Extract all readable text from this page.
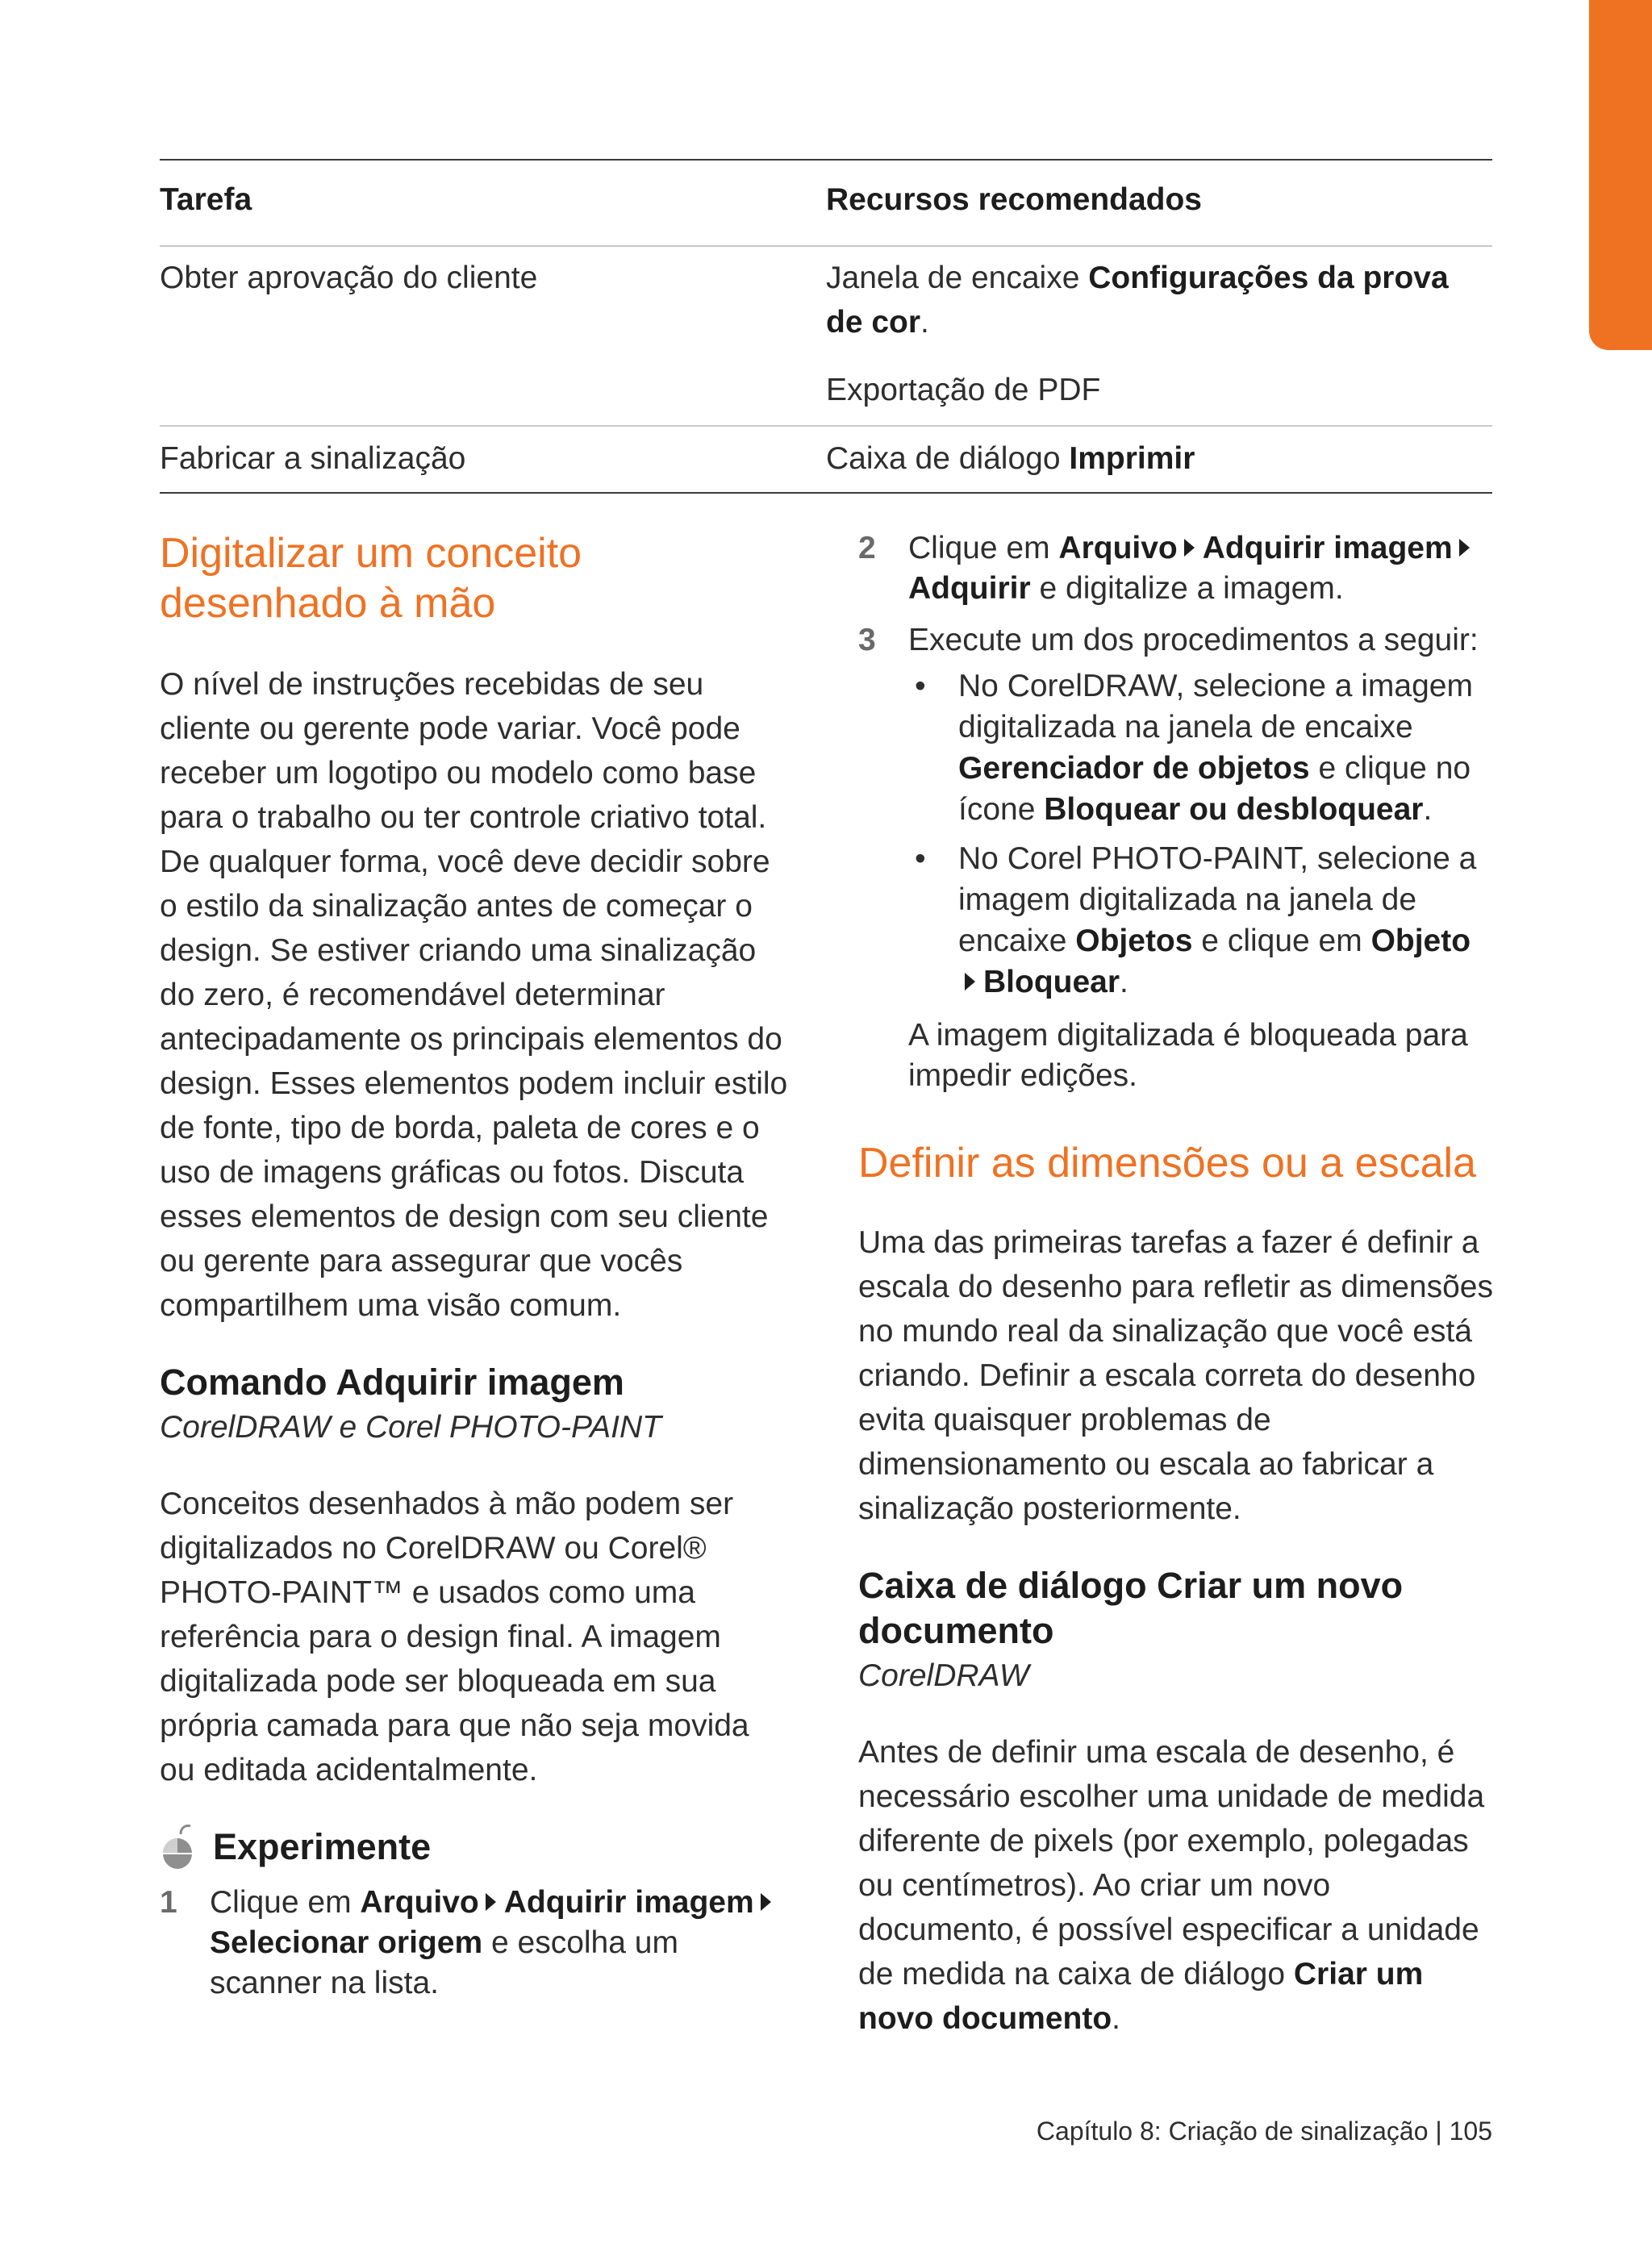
Tarefa	Recursos recomendados
Obter aprovação do cliente	Janela de encaixe Configurações da prova de cor.
Exportação de PDF
Fabricar a sinalização	Caixa de diálogo Imprimir
Digitalizar um conceito desenhado à mão

O nível de instruções recebidas de seu cliente ou gerente pode variar. Você pode receber um logotipo ou modelo como base para o trabalho ou ter controle criativo total. De qualquer forma, você deve decidir sobre o estilo da sinalização antes de começar o design. Se estiver criando uma sinalização do zero, é recomendável determinar antecipadamente os principais elementos do design. Esses elementos podem incluir estilo de fonte, tipo de borda, paleta de cores e o uso de imagens gráficas ou fotos. Discuta esses elementos de design com seu cliente ou gerente para assegurar que vocês compartilhem uma visão comum.

Comando Adquirir imagem
CorelDRAW e Corel PHOTO-PAINT

Conceitos desenhados à mão podem ser digitalizados no CorelDRAW ou Corel® PHOTO-PAINT™ e usados como uma referência para o design final. A imagem digitalizada pode ser bloqueada em sua própria camada para que não seja movida ou editada acidentalmente.

Experimente
1 Clique em Arquivo Adquirir imagemSelecionar origem e escolha um scanner na lista.
2 Clique em Arquivo Adquirir imagemAdquirir e digitalize a imagem.
3 Execute um dos procedimentos a seguir:
• No CorelDRAW, selecione a imagem digitalizada na janela de encaixe Gerenciador de objetos e clique no ícone Bloquear ou desbloquear.
• No Corel PHOTO-PAINT, selecione a imagem digitalizada na janela de encaixe Objetos e clique em ObjetoBloquear.

A imagem digitalizada é bloqueada para impedir edições.

Definir as dimensões ou a escala

Uma das primeiras tarefas a fazer é definir a escala do desenho para refletir as dimensões no mundo real da sinalização que você está criando. Definir a escala correta do desenho evita quaisquer problemas de dimensionamento ou escala ao fabricar a sinalização posteriormente.

Caixa de diálogo Criar um novo documento
CorelDRAW

Antes de definir uma escala de desenho, é necessário escolher uma unidade de medida diferente de pixels (por exemplo, polegadas ou centímetros). Ao criar um novo documento, é possível especificar a unidade de medida na caixa de diálogo Criar um novo documento.

Capítulo 8: Criação de sinalização | 105
